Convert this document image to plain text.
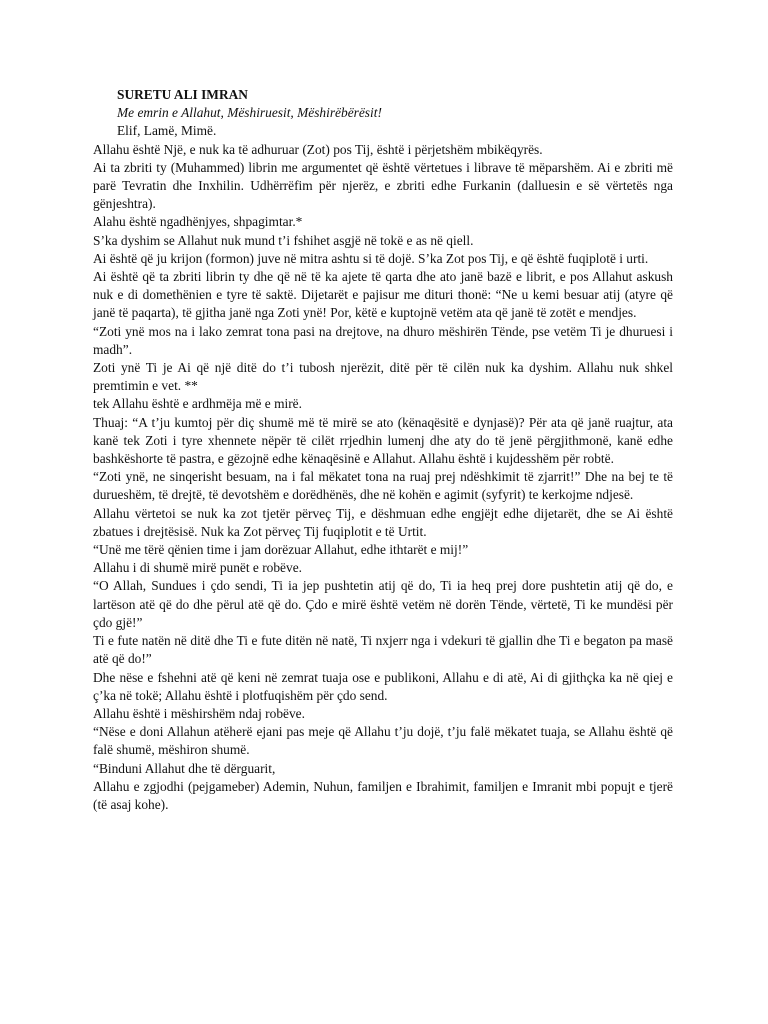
SURETU ALI IMRAN

Me emrin e Allahut, Mëshiruesit, Mëshirëbërësit!

Elif, Lamë, Mimë.

Allahu është Një, e nuk ka të adhuruar (Zot) pos Tij, është i përjetshëm mbikëqyrës.

Ai ta zbriti ty (Muhammed) librin me argumentet që është vërtetues i librave të mëparshëm. Ai e zbriti më parë Tevratin dhe Inxhilin. Udhërrëfim për njerëz, e zbriti edhe Furkanin (dalluesin e së vërtetës nga gënjeshtra).

Alahu është ngadhënjyes, shpagimtar.*

S’ka dyshim se Allahut nuk mund t’i fshihet asgjë në tokë e as në qiell.

Ai është që ju krijon (formon) juve në mitra ashtu si të dojë. S’ka Zot pos Tij, e që është fuqiplotë i urti.

Ai është që ta zbriti librin ty dhe që në të ka ajete të qarta dhe ato janë bazë e librit, e pos Allahut askush nuk e di domethënien e tyre të saktë. Dijetarët e pajisur me dituri thonë: “Ne u kemi besuar atij (atyre që janë të paqarta), të gjitha janë nga Zoti ynë! Por, këtë e kuptojnë vetëm ata që janë të zotët e mendjes.

“Zoti ynë mos na i lako zemrat tona pasi na drejtove, na dhuro mëshirën Tënde, pse vetëm Ti je dhuruesi i madh”.

Zoti ynë Ti je Ai që një ditë do t’i tubosh njerëzit, ditë për të cilën nuk ka dyshim. Allahu nuk shkel premtimin e vet. **

tek Allahu është e ardhmëja më e mirë.

Thuaj: “A t’ju kumtoj për diç shumë më të mirë se ato (kënaqësitë e dynjasë)? Për ata që janë ruajtur, ata kanë tek Zoti i tyre xhennete nëpër të cilët rrjedhin lumenj dhe aty do të jenë përgjithmonë, kanë edhe bashkëshorte të pastra, e gëzojnë edhe kënaqësinë e Allahut. Allahu është i kujdesshëm për robtë.

“Zoti ynë, ne sinqerisht besuam, na i fal mëkatet tona na ruaj prej ndëshkimit të zjarrit!” Dhe na bej te të durueshëm, të drejtë, të devotshëm e dorëdhënës, dhe në kohën e agimit (syfyrit) te kerkojme ndjesë.

Allahu vërtetoi se nuk ka zot tjetër përveç Tij, e dëshmuan edhe engjëjt edhe dijetarët, dhe se Ai është zbatues i drejtësisë. Nuk ka Zot përveç Tij fuqiplotit e të Urtit.

“Unë me tërë qënien time i jam dorëzuar Allahut, edhe ithtarët e mij!”

Allahu i di shumë mirë punët e robëve.

“O Allah, Sundues i çdo sendi, Ti ia jep pushtetin atij që do, Ti ia heq prej dore pushtetin atij që do, e lartëson atë që do dhe përul atë që do. Çdo e mirë është vetëm në dorën Tënde, vërtetë, Ti ke mundësi për çdo gjë!”

Ti e fute natën në ditë dhe Ti e fute ditën në natë, Ti nxjerr nga i vdekuri të gjallin dhe Ti e begaton pa masë atë që do!”

Dhe nëse e fshehni atë që keni në zemrat tuaja ose e publikoni, Allahu e di atë, Ai di gjithçka ka në qiej e ç’ka në tokë; Allahu është i plotfuqishëm për çdo send.

Allahu është i mëshirshëm ndaj robëve.

“Nëse e doni Allahun atëherë ejani pas meje që Allahu t’ju dojë, t’ju falë mëkatet tuaja, se Allahu është që falë shumë, mëshiron shumë.

“Binduni Allahut dhe të dërguarit,

Allahu e zgjodhi (pejgameber) Ademin, Nuhun, familjen e Ibrahimit, familjen e Imranit mbi popujt e tjerë (të asaj kohe).
